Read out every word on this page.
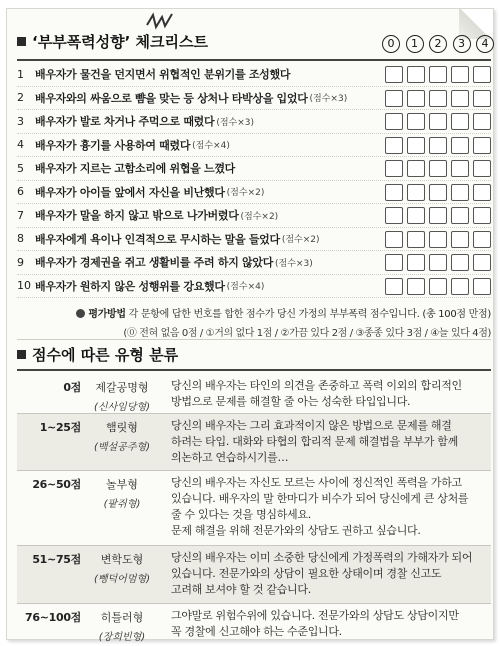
‘부부폭력성향’ 체크리스트	0	1	2	3	4
1	배우자가 물건을 던지면서 위협적인 분위기를 조성했다
2	배우자와의 싸움으로 뺨을 맞는 등 상처나 타박상을 입었다 (점수×3)
3	배우자가 발로 차거나 주먹으로 때렸다 (점수×3)
4	배우자가 흉기를 사용하여 때렸다 (점수×4)
5	배우자가 지르는 고함소리에 위협을 느꼈다
6	배우자가 아이들 앞에서 자신을 비난했다 (점수×2)
7	배우자가 말을 하지 않고 밖으로 나가버렸다 (점수×2)
8	배우자에게 욕이나 인격적으로 무시하는 말을 들었다 (점수×2)
9	배우자가 경제권을 쥐고 생활비를 주려 하지 않았다 (점수×3)
10 배우자가 원하지 않은 성행위를 강요했다 (점수×4)
평가방법 각 문항에 답한 번호를 합한 점수가 당신 가정의 부부폭력 점수입니다. (총 100점 만점)
(⓪ 전혀 없음 0점 / ①거의 없다 1점 / ②가끔 있다 2점 / ③종종 있다 3점 / ④늘 있다 4점)
점수에 따른 유형 분류
0점	제갈공명형
(신사임당형)
당신의 배우자는 타인의 의견을 존중하고 폭력 이외의 합리적인
방법으로 문제를 해결할 줄 아는 성숙한 타입입니다.
1~25점	햄릿형
(백설공주형)
당신의 배우자는 그리 효과적이지 않은 방법으로 문제를 해결
하려는 타입. 대화와 타협의 합리적 문제 해결법을 부부가 함께
의논하고 연습하시기를…
26~50점	놀부형
(팥쥐형)
당신의 배우자는 자신도 모르는 사이에 정신적인 폭력을 가하고
있습니다. 배우자의 말 한마디가 비수가 되어 당신에게 큰 상처를
줄 수 있다는 것을 명심하세요.
문제 해결을 위해 전문가와의 상담도 권하고 싶습니다.
51~75점	변학도형
(뺑덕어멈형)
당신의 배우자는 이미 소중한 당신에게 가정폭력의 가해자가 되어
있습니다. 전문가와의 상담이 필요한 상태이며 경찰 신고도
고려해 보셔야 할 것 같습니다.
76~100점	히틀러형
(장희빈형)
그야말로 위험수위에 있습니다. 전문가와의 상담도 상담이지만
꼭 경찰에 신고해야 하는 수준입니다.
